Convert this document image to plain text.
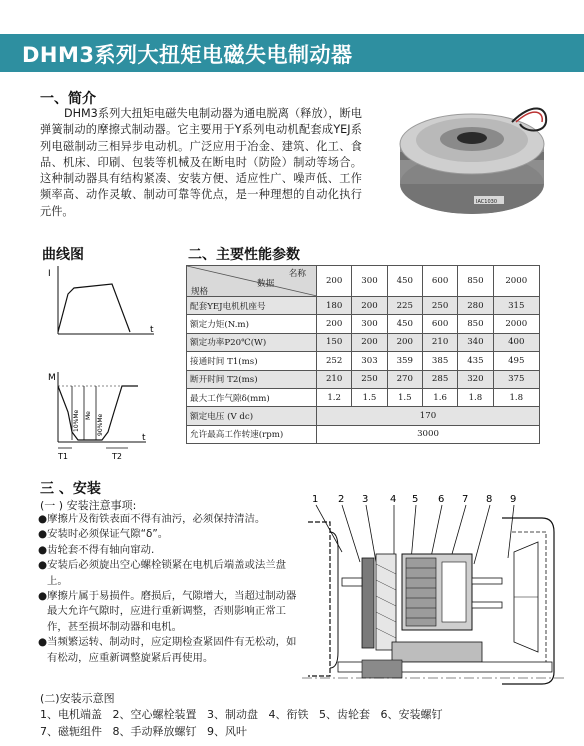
DHM3系列大扭矩电磁失电制动器
一、简介
DHM3系列大扭矩电磁失电制动器为通电脱离（释放），断电弹簧制动的摩擦式制动器。它主要用于Y系列电动机配套成YEJ系列电磁制动三相异步电动机。广泛应用于冶金、建筑、化工、食品、机床、印刷、包装等机械及在断电时（防险）制动等场合。这种制动器具有结构紧凑、安装方便、适应性广、噪声低、工作频率高、动作灵敏、制动可靠等优点，是一种理想的自动化执行元件。
IAC1030
曲线图
I
t
M
t
10%Me Me 90%Me
T1	T2
二、主要性能参数
名称
数据
规格	200	300	450	600	850	2000
配套YEJ电机机座号	180	200	225	250	280	315
额定力矩(N.m)	200	300	450	600	850	2000
额定功率P20℃(W)	150	200	200	210	340	400
接通时间 T1(ms)	252	303	359	385	435	495
断开时间 T2(ms)	210	250	270	285	320	375
最大工作气隙δ(mm)	1.2	1.5	1.5	1.6	1.8	1.8
额定电压 (V dc)	170					
允许最高工作转速(rpm)	3000					
三 、安装
(一 ) 安装注意事项:
●摩擦片及衔铁表面不得有油污，必须保持清洁。
●安装时必须保证气隙“δ”。
●齿轮套不得有轴向窜动.
●安装后必须旋出空心螺栓锁紧在电机后端盖或法兰盘上。
●摩擦片属于易损件。磨损后，气隙增大，当超过制动器最大允许气隙时，应进行重新调整，否则影响正常工作，甚至损坏制动器和电机。
●当频繁运转、制动时，应定期检查紧固件有无松动，如有松动，应重新调整旋紧后再使用。
1 2 3 4 5 6 7 8 9
(二)安装示意图
1、电机端盖 2、空心螺栓装置 3、制动盘 4、衔铁 5、齿轮套 6、安装螺钉
7、磁轭组件 8、手动释放螺钉 9、风叶
